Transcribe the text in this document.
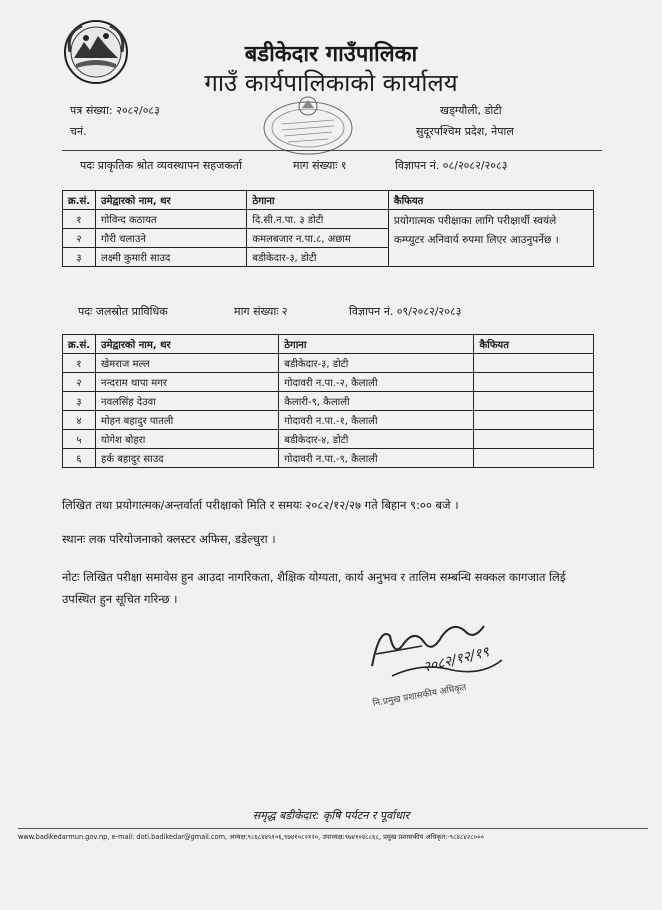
बडीकेदार गाउँपालिका
गाउँ कार्यपालिकाको कार्यालय
पत्र संख्या: २०८२/०८३
चनं.
खड्ग्यौली, डोटी
सुदूरपश्चिम प्रदेश, नेपाल
पदः प्राकृतिक श्रोत व्यवस्थापन सहजकर्ता	माग संख्याः १	विज्ञापन नं. ०८/२०८२/२०८३
क्र.सं.	उमेद्वारको नाम, थर	ठेगाना	कैफियत
१	गोविन्द कठायत	दि.सी.न.पा. ३ डोटी	प्रयोगात्मक परीक्षाका लागि परीक्षार्थी स्वयंले कम्प्युटर अनिवार्य रुपमा लिएर आउनुपर्नेछ ।
२	गौरी चलाउने	कमलबजार न.पा.८, अछाम	
३	लक्ष्मी कुमारी साउद	बडीकेदार-३, डोटी	
पदः जलस्रोत प्राविधिक	माग संख्याः २	विज्ञापन नं. ०९/२०८२/२०८३
क्र.सं.	उमेद्वारको नाम, थर	ठेगाना	कैफियत
१	खेमराज मल्ल	बडीकेदार-३, डोटी	
२	नन्दराम थापा मगर	गोदावरी न.पा.-२, कैलाली	
३	नवलसिंह देउवा	कैलारी-९, कैलाली	
४	मोहन बहादुर पातली	गोदावरी न.पा.-१, कैलाली	
५	योगेश बोहरा	बडीकेदार-४, डोटी	
६	हर्क बहादुर साउद	गोदावरी न.पा.-९, कैलाली	
लिखित तथा प्रयोगात्मक/अन्तर्वार्ता परीक्षाको मिति र समयः २०८२/१२/२७ गते बिहान ९:०० बजे ।
स्थानः लक परियोजनाको क्लस्टर अफिस, डडेल्धुरा ।
नोटः लिखित परीक्षा समावेस हुन आउदा नागरिकता, शैक्षिक योग्यता, कार्य अनुभव र तालिम सम्बन्धि सक्कल कागजात लिई उपस्थित हुन सूचित गरिन्छ ।
२०८२/१२/१९
नि.प्रमुख प्रशासकीय अधिकृत
समृद्ध बडीकेदार: कृषि पर्यटन र पूर्वाधार
www.badikedarmun.gov.np, e-mail: doti.badikedar@gmail.com, अध्यक्ष:९८६८४४५१०६,९७४१०८२१२०, उपाध्यक्ष:९७४१०४८८६८, प्रमुख प्रशासकीय अधिकृत:-९८४८४२८०००
